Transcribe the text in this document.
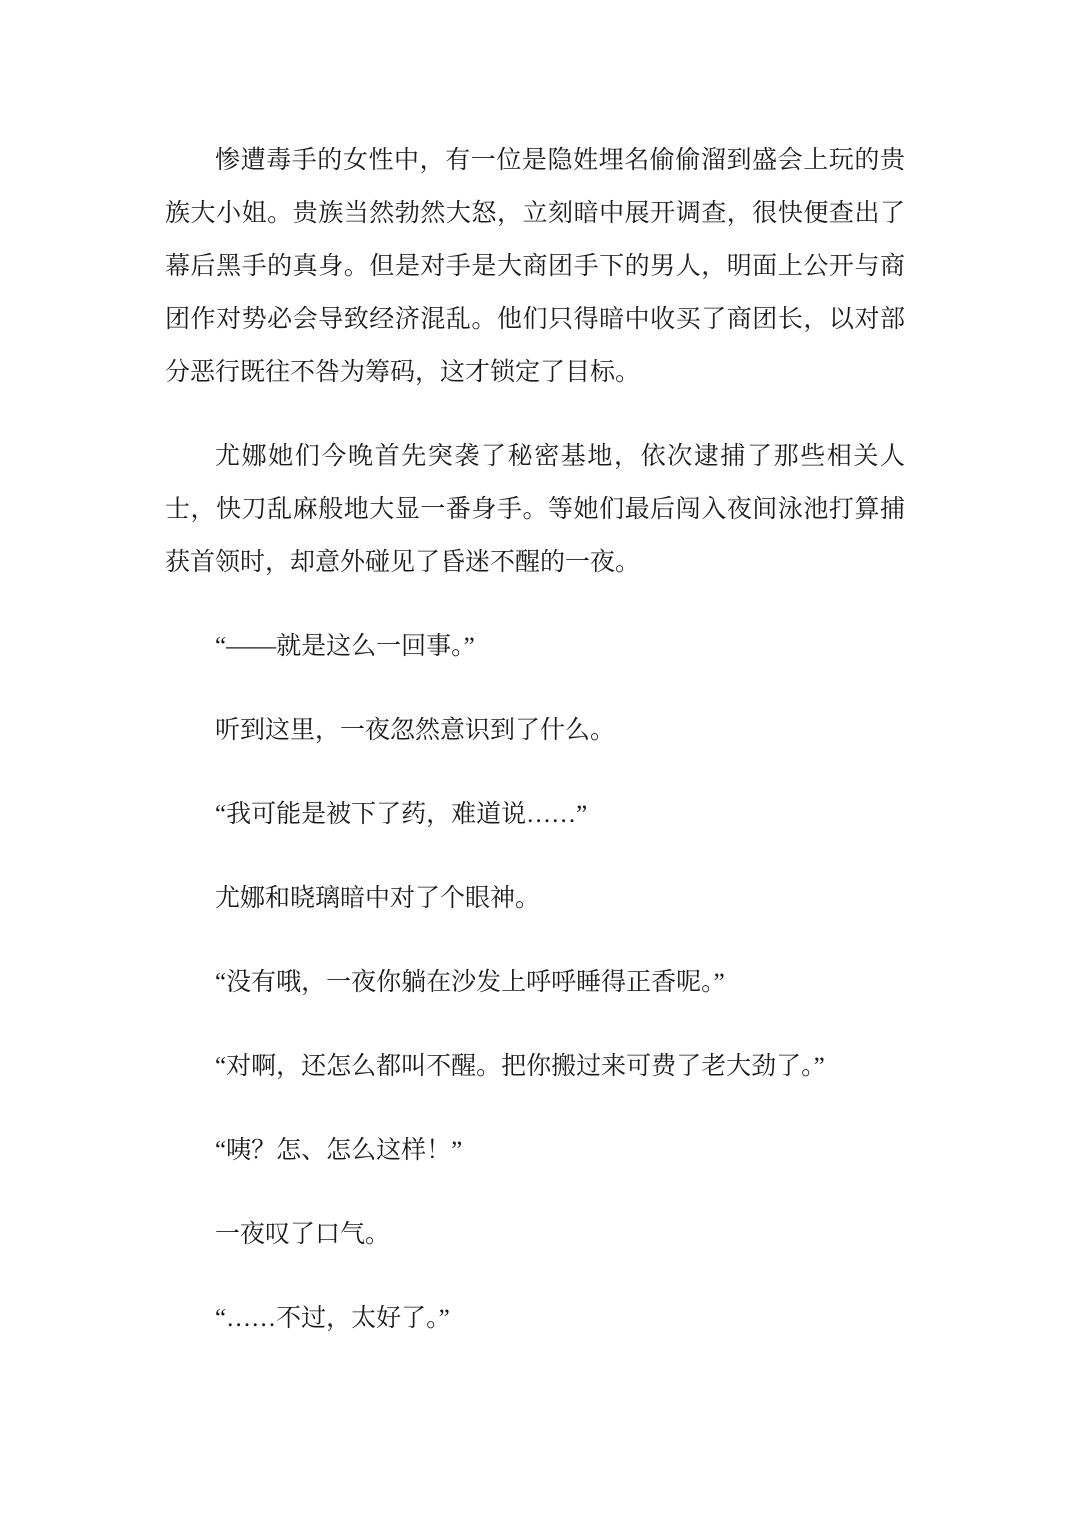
惨遭毒手的女性中，有一位是隐姓埋名偷偷溜到盛会上玩的贵族大小姐。贵族当然勃然大怒，立刻暗中展开调查，很快便查出了幕后黑手的真身。但是对手是大商团手下的男人，明面上公开与商团作对势必会导致经济混乱。他们只得暗中收买了商团长，以对部分恶行既往不咎为筹码，这才锁定了目标。

尤娜她们今晚首先突袭了秘密基地，依次逮捕了那些相关人士，快刀乱麻般地大显一番身手。等她们最后闯入夜间泳池打算捕获首领时，却意外碰见了昏迷不醒的一夜。

“——就是这么一回事。”

听到这里，一夜忽然意识到了什么。

“我可能是被下了药，难道说……”

尤娜和晓璃暗中对了个眼神。

“没有哦，一夜你躺在沙发上呼呼睡得正香呢。”

“对啊，还怎么都叫不醒。把你搬过来可费了老大劲了。”

“咦？怎、怎么这样！”

一夜叹了口气。

“……不过，太好了。”
